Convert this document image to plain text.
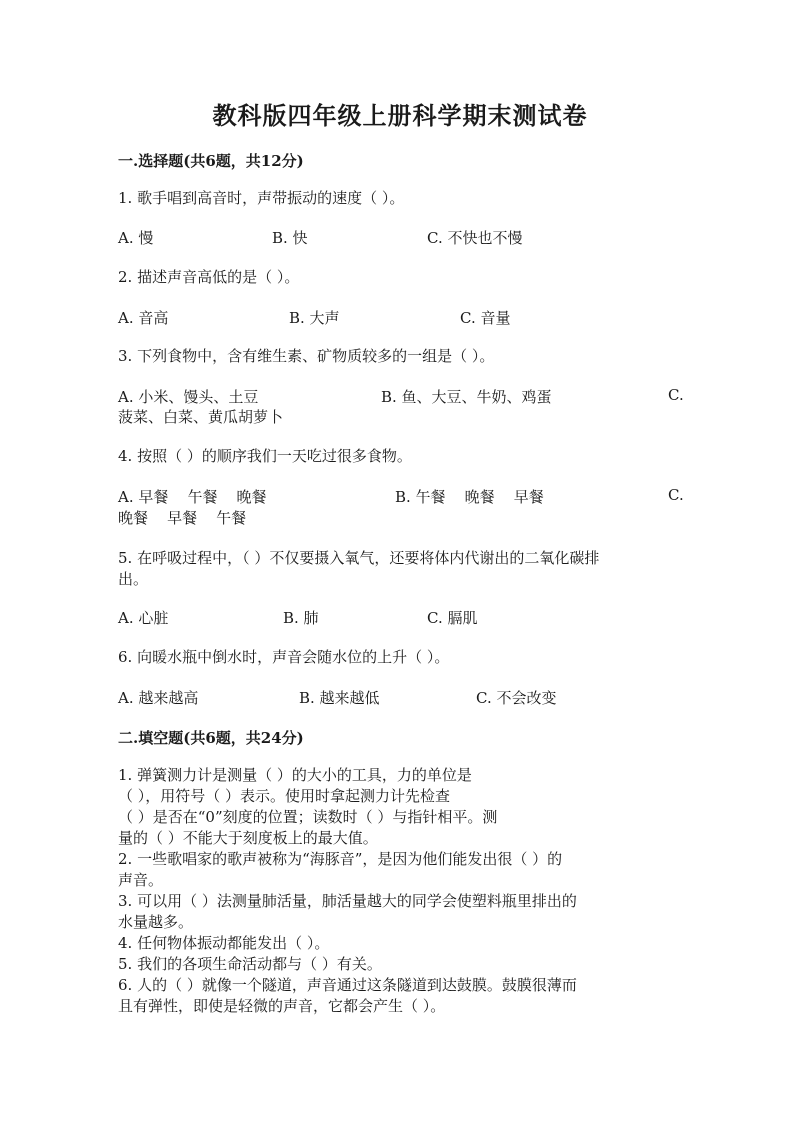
教科版四年级上册科学期末测试卷
一.选择题(共6题，共12分)
1. 歌手唱到高音时，声带振动的速度（ ）。
A. 慢	B. 快	C. 不快也不慢
2. 描述声音高低的是（ ）。
A. 音高	B. 大声	C. 音量
3. 下列食物中，含有维生素、矿物质较多的一组是（ ）。
A. 小米、馒头、土豆	B. 鱼、大豆、牛奶、鸡蛋	C.
菠菜、白菜、黄瓜胡萝卜
4. 按照（ ）的顺序我们一天吃过很多食物。
A. 早餐    午餐    晚餐	B. 午餐    晚餐    早餐	C.
晚餐    早餐    午餐
5. 在呼吸过程中，（ ）不仅要摄入氧气，还要将体内代谢出的二氧化碳排
出。
A. 心脏	B. 肺	C. 膈肌
6. 向暖水瓶中倒水时，声音会随水位的上升（ ）。
A. 越来越高	B. 越来越低	C. 不会改变
二.填空题(共6题，共24分)
1. 弹簧测力计是测量（ ）的大小的工具，力的单位是
（ ），用符号（ ）表示。使用时拿起测力计先检查
（ ）是否在“0”刻度的位置；读数时（ ）与指针相平。测
量的（ ）不能大于刻度板上的最大值。
2. 一些歌唱家的歌声被称为“海豚音”，是因为他们能发出很（ ）的
声音。
3. 可以用（ ）法测量肺活量，肺活量越大的同学会使塑料瓶里排出的
水量越多。
4. 任何物体振动都能发出（ ）。
5. 我们的各项生命活动都与（ ）有关。
6. 人的（ ）就像一个隧道，声音通过这条隧道到达鼓膜。鼓膜很薄而
且有弹性，即使是轻微的声音，它都会产生（ ）。
